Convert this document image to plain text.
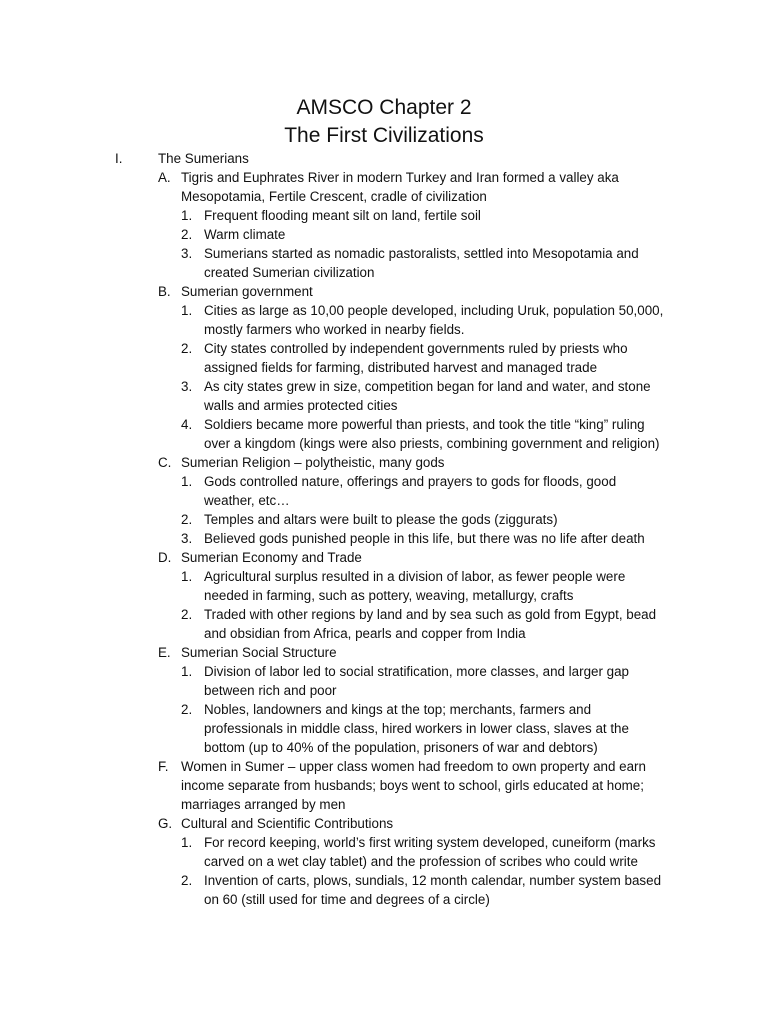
AMSCO Chapter 2
The First Civilizations
I.	The Sumerians
A. Tigris and Euphrates River in modern Turkey and Iran formed a valley aka
Mesopotamia, Fertile Crescent, cradle of civilization
1. Frequent flooding meant silt on land, fertile soil
2. Warm climate
3. Sumerians started as nomadic pastoralists, settled into Mesopotamia and
created Sumerian civilization
B. Sumerian government
1. Cities as large as 10,00 people developed, including Uruk, population 50,000,
mostly farmers who worked in nearby fields.
2. City states controlled by independent governments ruled by priests who
assigned fields for farming, distributed harvest and managed trade
3. As city states grew in size, competition began for land and water, and stone
walls and armies protected cities
4. Soldiers became more powerful than priests, and took the title “king” ruling
over a kingdom (kings were also priests, combining government and religion)
C. Sumerian Religion – polytheistic, many gods
1. Gods controlled nature, offerings and prayers to gods for floods, good
weather, etc…
2. Temples and altars were built to please the gods (ziggurats)
3. Believed gods punished people in this life, but there was no life after death
D. Sumerian Economy and Trade
1. Agricultural surplus resulted in a division of labor, as fewer people were
needed in farming, such as pottery, weaving, metallurgy, crafts
2. Traded with other regions by land and by sea such as gold from Egypt, bead
and obsidian from Africa, pearls and copper from India
E. Sumerian Social Structure
1. Division of labor led to social stratification, more classes, and larger gap
between rich and poor
2. Nobles, landowners and kings at the top; merchants, farmers and
professionals in middle class, hired workers in lower class, slaves at the
bottom (up to 40% of the population, prisoners of war and debtors)
F. Women in Sumer – upper class women had freedom to own property and earn
income separate from husbands; boys went to school, girls educated at home;
marriages arranged by men
G. Cultural and Scientific Contributions
1. For record keeping, world’s first writing system developed, cuneiform (marks
carved on a wet clay tablet) and the profession of scribes who could write
2. Invention of carts, plows, sundials, 12 month calendar, number system based
on 60 (still used for time and degrees of a circle)
